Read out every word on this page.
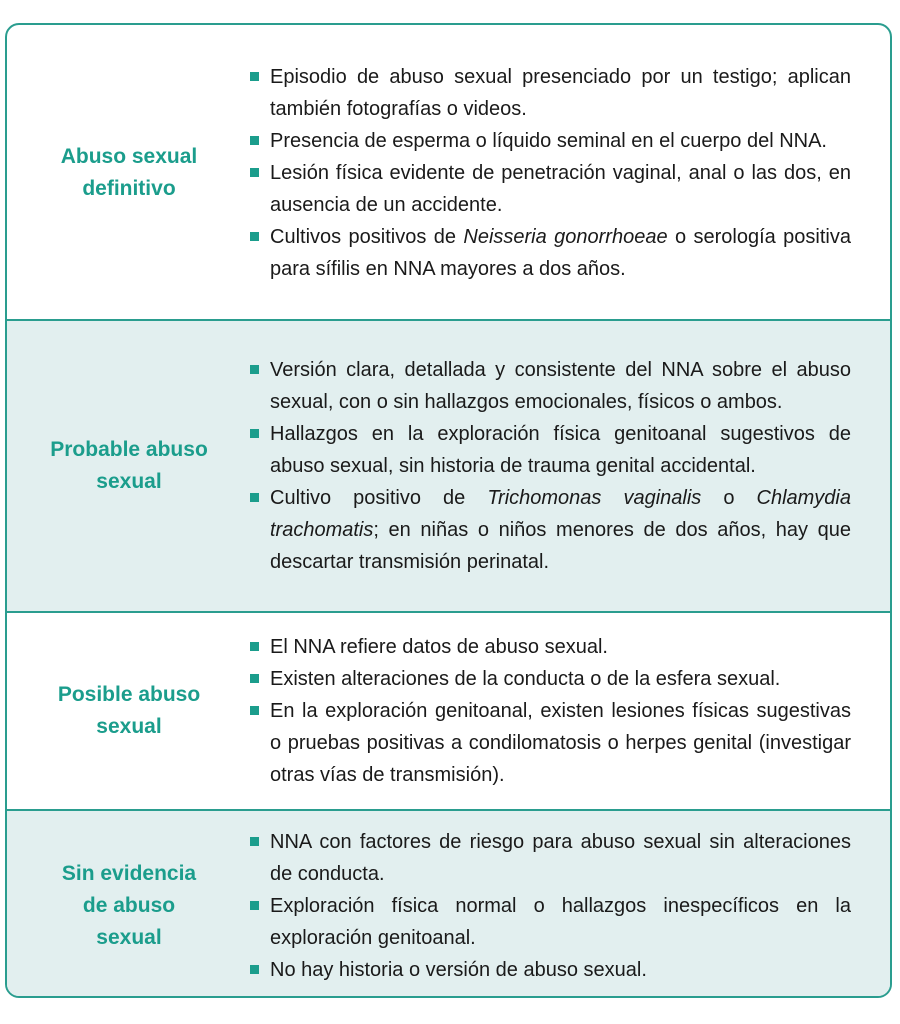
Abuso sexual
definitivo
Episodio de abuso sexual presenciado por un testigo; aplican también fotografías o videos.
Presencia de esperma o líquido seminal en el cuerpo del NNA.
Lesión física evidente de penetración vaginal, anal o las dos, en ausencia de un accidente.
Cultivos positivos de Neisseria gonorrhoeae o serología positiva para sífilis en NNA mayores a dos años.
Probable abuso
sexual
Versión clara, detallada y consistente del NNA sobre el abuso sexual, con o sin hallazgos emocionales, físicos o ambos.
Hallazgos en la exploración física genitoanal sugestivos de abuso sexual, sin historia de trauma genital accidental.
Cultivo positivo de Trichomonas vaginalis o Chlamydia trachomatis; en niñas o niños menores de dos años, hay que descartar transmisión perinatal.
Posible abuso
sexual
El NNA refiere datos de abuso sexual.
Existen alteraciones de la conducta o de la esfera sexual.
En la exploración genitoanal, existen lesiones físicas sugestivas o pruebas positivas a condilomatosis o herpes genital (investigar otras vías de transmisión).
Sin evidencia
de abuso
sexual
NNA con factores de riesgo para abuso sexual sin alteraciones de conducta.
Exploración física normal o hallazgos inespecíficos en la exploración genitoanal.
No hay historia o versión de abuso sexual.
